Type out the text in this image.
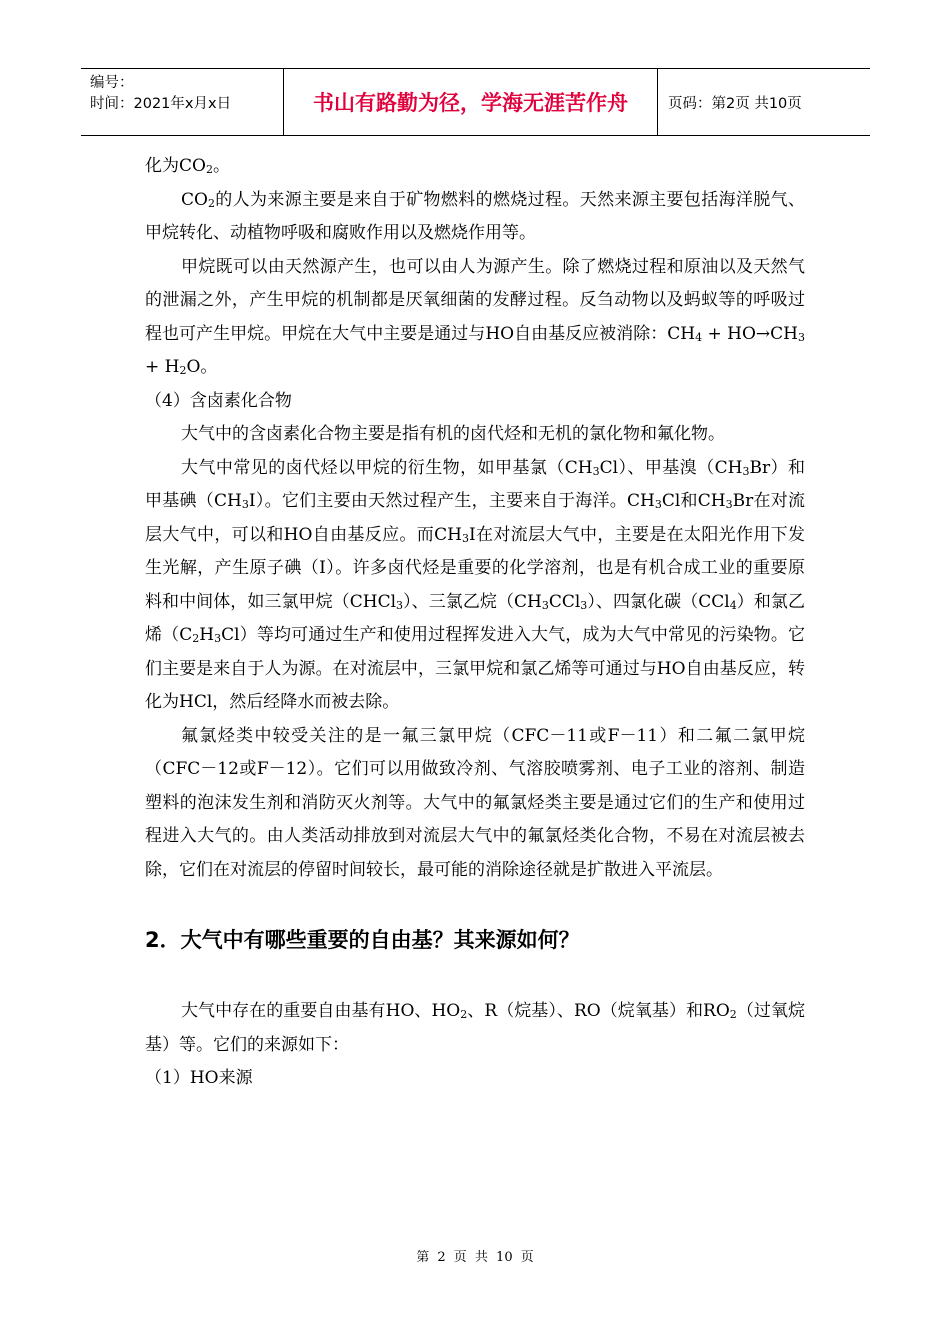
编号：
时间：2021年x月x日	书山有路勤为径，学海无涯苦作舟	页码：第2页 共10页

化为$CO_2$。

$CO_2$的人为来源主要是来自于矿物燃料的燃烧过程。天然来源主要包括海洋脱气、甲烷转化、动植物呼吸和腐败作用以及燃烧作用等。

甲烷既可以由天然源产生，也可以由人为源产生。除了燃烧过程和原油以及天然气的泄漏之外，产生甲烷的机制都是厌氧细菌的发酵过程。反刍动物以及蚂蚁等的呼吸过程也可产生甲烷。甲烷在大气中主要是通过与HO自由基反应被消除：$CH_4 + HO\to CH_3 + H_2O$。

（4）含卤素化合物

大气中的含卤素化合物主要是指有机的卤代烃和无机的氯化物和氟化物。

大气中常见的卤代烃以甲烷的衍生物，如甲基氯$(CH_3Cl)$、甲基溴$(CH_3Br)$和甲基碘$(CH_3I)$。它们主要由天然过程产生，主要来自于海洋。$CH_3Cl$和$CH_3Br$在对流层大气中，可以和HO自由基反应。而$CH_3I$在对流层大气中，主要是在太阳光作用下发生光解，产生原子碘（I）。许多卤代烃是重要的化学溶剂，也是有机合成工业的重要原料和中间体，如三氯甲烷（CHCl$_3$）、三氯乙烷$(CH_3CCl_3)$、四氯化碳（CCl$_4$）和氯乙烯$(C_2H_3Cl)$等均可通过生产和使用过程挥发进入大气，成为大气中常见的污染物。它们主要是来自于人为源。在对流层中，三氯甲烷和氯乙烯等可通过与HO自由基反应，转化为HCl，然后经降水而被去除。

氟氯烃类中较受关注的是一氟三氯甲烷（CFC－11或F－11）和二氟二氯甲烷（CFC－12或F－12）。它们可以用做致冷剂、气溶胶喷雾剂、电子工业的溶剂、制造塑料的泡沫发生剂和消防灭火剂等。大气中的氟氯烃类主要是通过它们的生产和使用过程进入大气的。由人类活动排放到对流层大气中的氟氯烃类化合物，不易在对流层被去除，它们在对流层的停留时间较长，最可能的消除途径就是扩散进入平流层。

2．大气中有哪些重要的自由基？其来源如何？

大气中存在的重要自由基有HO、$HO_2$、R（烷基）、RO（烷氧基）和$RO_2$（过氧烷基）等。它们的来源如下：

（1）HO来源

第 2 页 共 10 页
